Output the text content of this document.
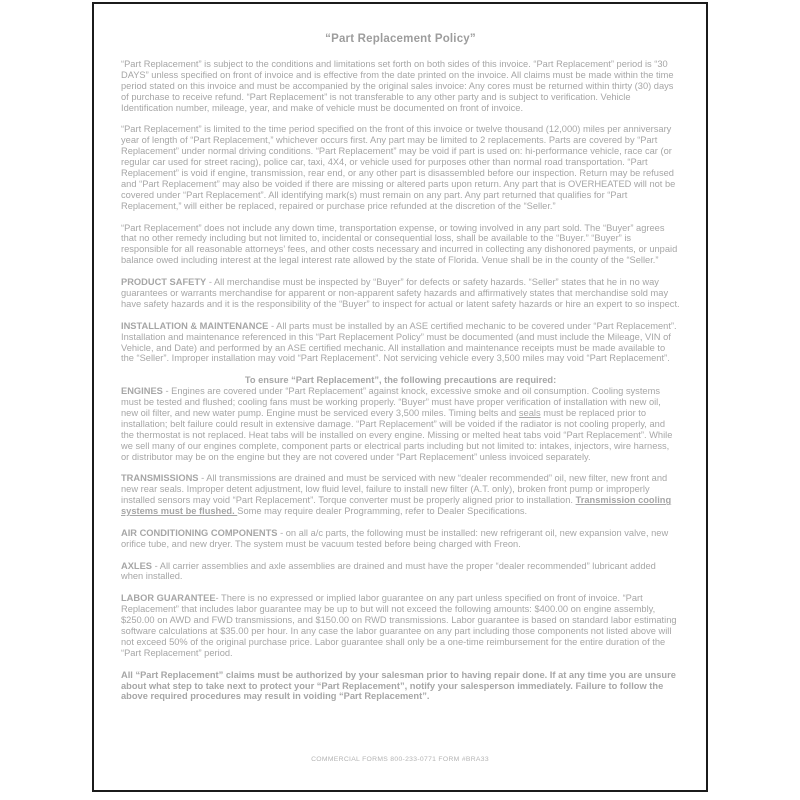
“Part Replacement Policy”

“Part Replacement” is subject to the conditions and limitations set forth on both sides of this invoice. “Part Replacement” period is “30 DAYS” unless specified on front of invoice and is effective from the date printed on the invoice. All claims must be made within the time period stated on this invoice and must be accompanied by the original sales invoice: Any cores must be returned within thirty (30) days of purchase to receive refund. “Part Replacement” is not transferable to any other party and is subject to verification. Vehicle Identification number, mileage, year, and make of vehicle must be documented on front of invoice.

“Part Replacement” is limited to the time period specified on the front of this invoice or twelve thousand (12,000) miles per anniversary year of length of “Part Replacement,” whichever occurs first. Any part may be limited to 2 replacements. Parts are covered by “Part Replacement” under normal driving conditions. “Part Replacement” may be void if part is used on: hi-performance vehicle, race car (or regular car used for street racing), police car, taxi, 4X4, or vehicle used for purposes other than normal road transportation. “Part Replacement” is void if engine, transmission, rear end, or any other part is disassembled before our inspection. Return may be refused and “Part Replacement” may also be voided if there are missing or altered parts upon return. Any part that is OVERHEATED will not be covered under “Part Replacement”. All identifying mark(s) must remain on any part. Any part returned that qualifies for “Part Replacement,” will either be replaced, repaired or purchase price refunded at the discretion of the “Seller.”

“Part Replacement” does not include any down time, transportation expense, or towing involved in any part sold. The “Buyer” agrees that no other remedy including but not limited to, incidental or consequential loss, shall be available to the “Buyer.” “Buyer” is responsible for all reasonable attorneys’ fees, and other costs necessary and incurred in collecting any dishonored payments, or unpaid balance owed including interest at the legal interest rate allowed by the state of Florida. Venue shall be in the county of the “Seller.”

PRODUCT SAFETY - All merchandise must be inspected by “Buyer” for defects or safety hazards. “Seller” states that he in no way guarantees or warrants merchandise for apparent or non-apparent safety hazards and affirmatively states that merchandise sold may have safety hazards and it is the responsibility of the “Buyer” to inspect for actual or latent safety hazards or hire an expert to so inspect.

INSTALLATION & MAINTENANCE - All parts must be installed by an ASE certified mechanic to be covered under “Part Replacement”. Installation and maintenance referenced in this “Part Replacement Policy” must be documented (and must include the Mileage, VIN of Vehicle, and Date) and performed by an ASE certified mechanic. All installation and maintenance receipts must be made available to the “Seller”. Improper installation may void “Part Replacement”. Not servicing vehicle every 3,500 miles may void “Part Replacement”.

To ensure “Part Replacement”, the following precautions are required:

ENGINES - Engines are covered under “Part Replacement” against knock, excessive smoke and oil consumption. Cooling systems must be tested and flushed; cooling fans must be working properly. “Buyer” must have proper verification of installation with new oil, new oil filter, and new water pump. Engine must be serviced every 3,500 miles. Timing belts and seals must be replaced prior to installation; belt failure could result in extensive damage. “Part Replacement” will be voided if the radiator is not cooling properly, and the thermostat is not replaced. Heat tabs will be installed on every engine. Missing or melted heat tabs void “Part Replacement”. While we sell many of our engines complete, component parts or electrical parts including but not limited to: intakes, injectors, wire harness, or distributor may be on the engine but they are not covered under “Part Replacement” unless invoiced separately.

TRANSMISSIONS - All transmissions are drained and must be serviced with new “dealer recommended” oil, new filter, new front and new rear seals. Improper detent adjustment, low fluid level, failure to install new filter (A.T. only), broken front pump or improperly installed sensors may void “Part Replacement”. Torque converter must be properly aligned prior to installation. Transmission cooling systems must be flushed. Some may require dealer Programming, refer to Dealer Specifications.

AIR CONDITIONING COMPONENTS - on all a/c parts, the following must be installed: new refrigerant oil, new expansion valve, new orifice tube, and new dryer. The system must be vacuum tested before being charged with Freon.

AXLES - All carrier assemblies and axle assemblies are drained and must have the proper “dealer recommended” lubricant added when installed.

LABOR GUARANTEE- There is no expressed or implied labor guarantee on any part unless specified on front of invoice. “Part Replacement” that includes labor guarantee may be up to but will not exceed the following amounts: $400.00 on engine assembly, $250.00 on AWD and FWD transmissions, and $150.00 on RWD transmissions. Labor guarantee is based on standard labor estimating software calculations at $35.00 per hour. In any case the labor guarantee on any part including those components not listed above will not exceed 50% of the original purchase price. Labor guarantee shall only be a one-time reimbursement for the entire duration of the “Part Replacement” period.

All “Part Replacement” claims must be authorized by your salesman prior to having repair done. If at any time you are unsure about what step to take next to protect your “Part Replacement”, notify your salesperson immediately. Failure to follow the above required procedures may result in voiding “Part Replacement”.

COMMERCIAL FORMS 800-233-0771 FORM #BRA33
